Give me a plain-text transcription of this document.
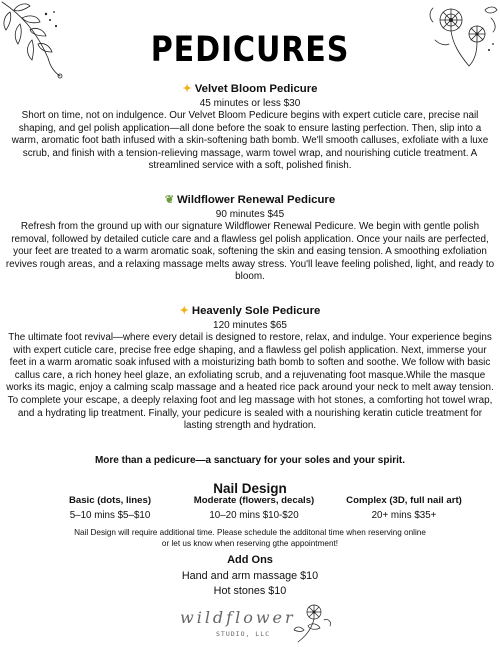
PEDICURES
✦ Velvet Bloom Pedicure
45 minutes or less $30
Short on time, not on indulgence. Our Velvet Bloom Pedicure begins with expert cuticle care, precise nail shaping, and gel polish application—all done before the soak to ensure lasting perfection. Then, slip into a warm, aromatic foot bath infused with a skin-softening bath bomb. We'll smooth calluses, exfoliate with a luxe scrub, and finish with a tension-relieving massage, warm towel wrap, and nourishing cuticle treatment. A streamlined service with a soft, polished finish.
❦ Wildflower Renewal Pedicure
90 minutes $45
Refresh from the ground up with our signature Wildflower Renewal Pedicure. We begin with gentle polish removal, followed by detailed cuticle care and a flawless gel polish application. Once your nails are perfected, your feet are treated to a warm aromatic soak, softening the skin and easing tension. A smoothing exfoliation revives rough areas, and a relaxing massage melts away stress. You'll leave feeling polished, light, and ready to bloom.
✦ Heavenly Sole Pedicure
120 minutes $65
The ultimate foot revival—where every detail is designed to restore, relax, and indulge. Your experience begins with expert cuticle care, precise free edge shaping, and a flawless gel polish application. Next, immerse your feet in a warm aromatic soak infused with a moisturizing bath bomb to soften and soothe. We follow with basic callus care, a rich honey heel glaze, an exfoliating scrub, and a rejuvenating foot masque.While the masque works its magic, enjoy a calming scalp massage and a heated rice pack around your neck to melt away tension. To complete your escape, a deeply relaxing foot and leg massage with hot stones, a comforting hot towel wrap, and a hydrating lip treatment. Finally, your pedicure is sealed with a nourishing keratin cuticle treatment for lasting strength and hydration.
More than a pedicure—a sanctuary for your soles and your spirit.
Nail Design
Basic (dots, lines)
5–10 mins $5–$10
Moderate (flowers, decals)
10–20 mins $10-$20
Complex (3D, full nail art)
20+ mins $35+
Nail Design will require additional time. Please schedule the additonal time when reserving online
or let us know when reserving gthe appointment!
Add Ons
Hand and arm massage $10
Hot stones $10
wildflower
STUDIO, LLC
